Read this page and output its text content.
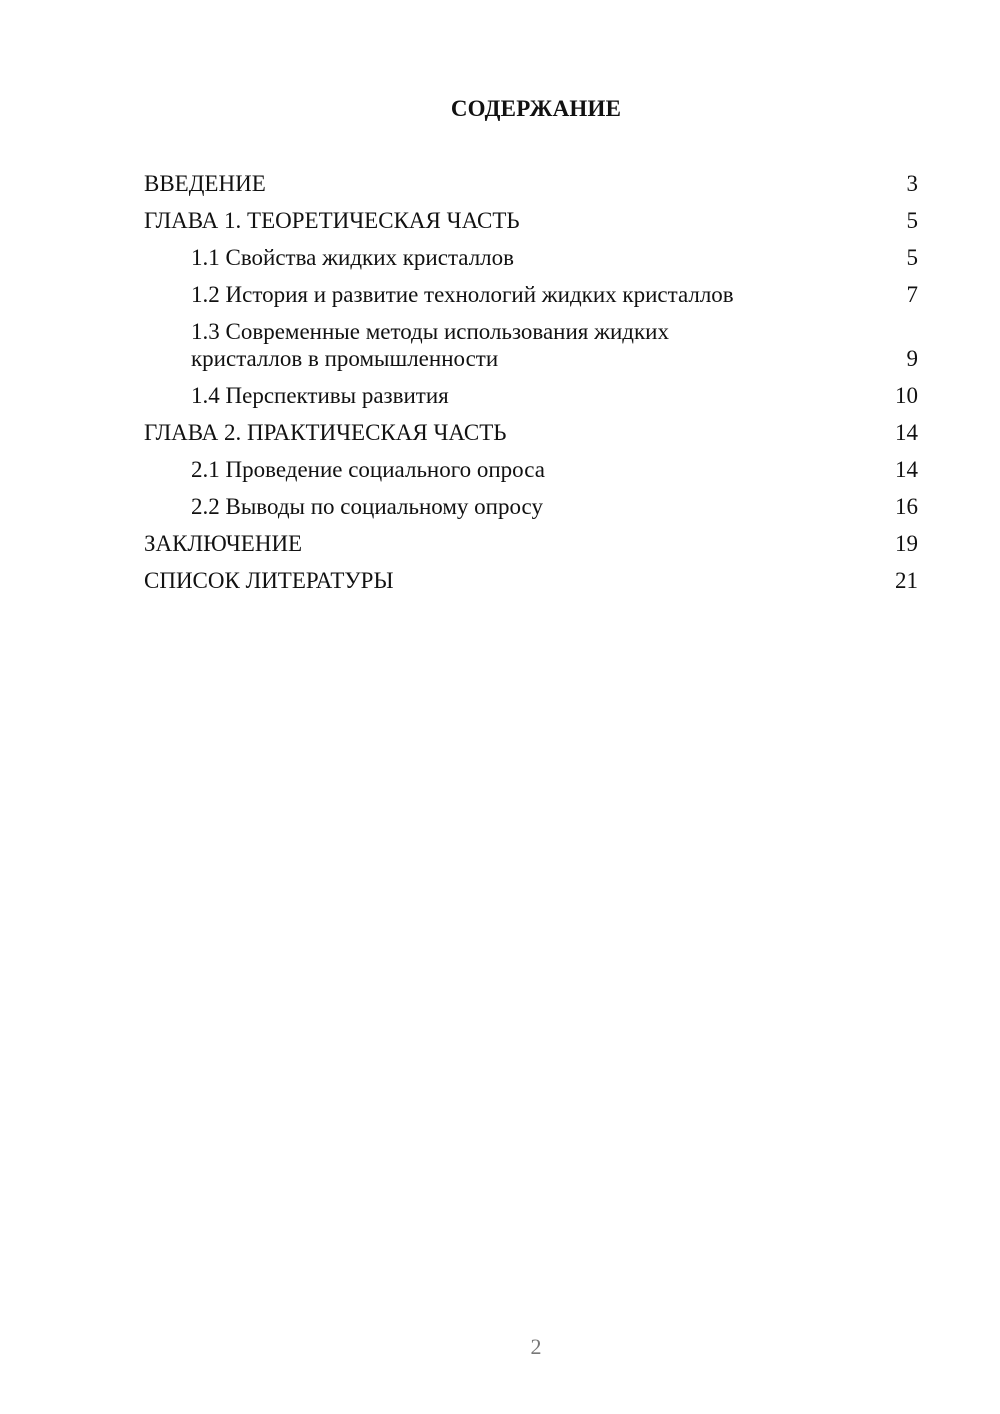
СОДЕРЖАНИЕ
ВВЕДЕНИЕ	3
ГЛАВА 1. ТЕОРЕТИЧЕСКАЯ ЧАСТЬ	5
1.1 Свойства жидких кристаллов	5
1.2 История и развитие технологий жидких кристаллов	7
1.3 Современные методы использования жидких кристаллов в промышленности	9
1.4 Перспективы развития	10
ГЛАВА 2. ПРАКТИЧЕСКАЯ ЧАСТЬ	14
2.1 Проведение социального опроса	14
2.2 Выводы по социальному опросу	16
ЗАКЛЮЧЕНИЕ	19
СПИСОК ЛИТЕРАТУРЫ	21
2
